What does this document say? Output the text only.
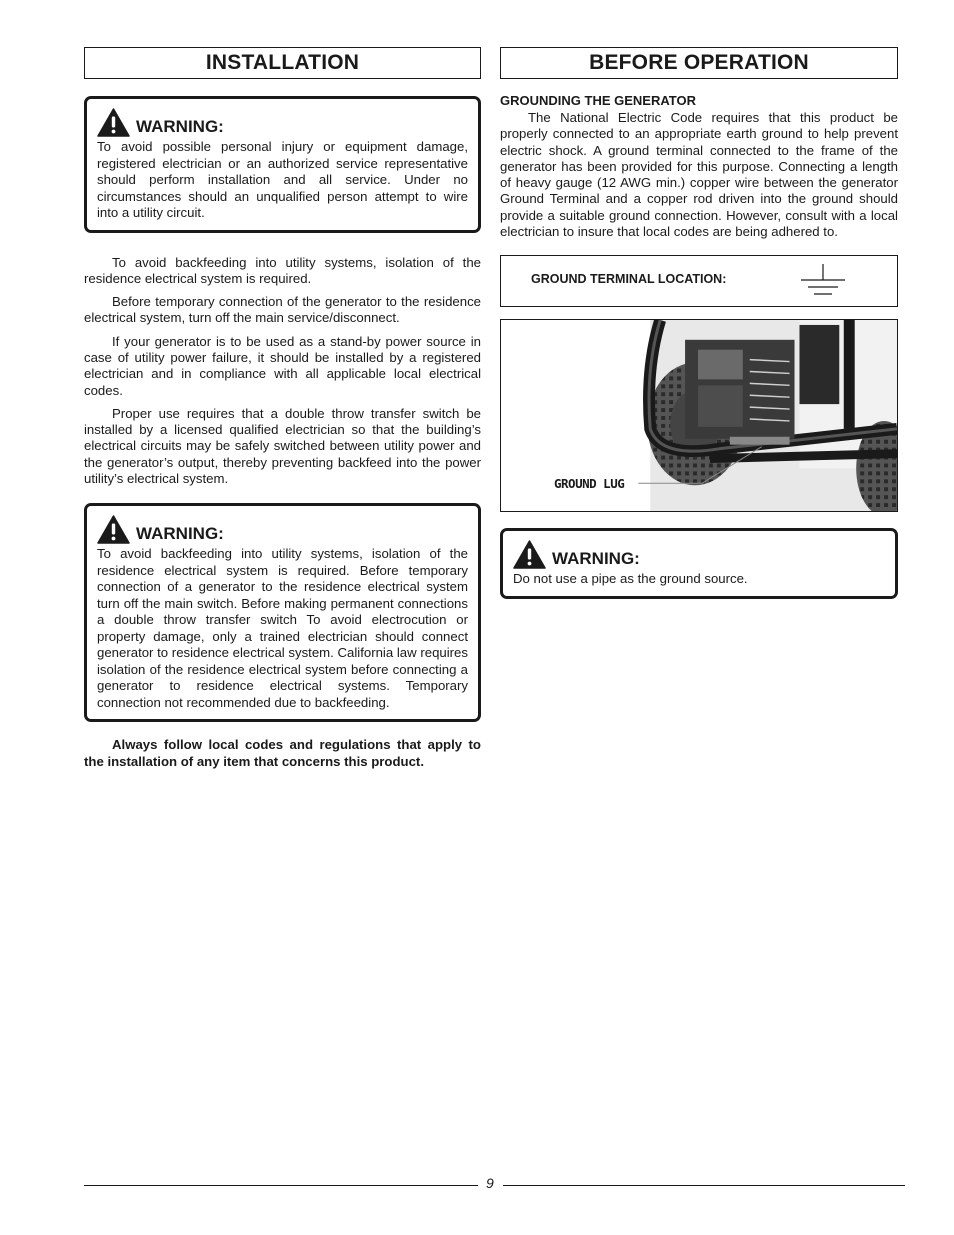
INSTALLATION
WARNING:

To avoid possible personal injury or equipment damage, registered electrician or an authorized service representative should perform installation and all service. Under no circumstances should an unqualified person attempt to wire into a utility circuit.

To avoid backfeeding into utility systems, isolation of the residence electrical system is required.

Before temporary connection of the generator to the residence electrical system, turn off the main service/disconnect.

If your generator is to be used as a stand-by power source in case of utility power failure, it should be installed by a registered electrician and in compliance with all applicable local electrical codes.

Proper use requires that a double throw transfer switch be installed by a licensed qualified electrician so that the building’s electrical circuits may be safely switched between utility power and the generator’s output, thereby preventing backfeed into the power utility’s electrical system.

WARNING:

To avoid backfeeding into utility systems, isolation of the residence electrical system is required. Before temporary connection of a generator to the residence electrical system turn off the main switch. Before making permanent connections a double throw transfer switch To avoid electrocution or property damage, only a trained electrician should connect generator to residence electrical system. California law requires isolation of the residence electrical system before connecting a generator to residence electrical systems. Temporary connection not recommended due to backfeeding.

Always follow local codes and regulations that apply to the installation of any item that concerns this product.

BEFORE OPERATION
GROUNDING THE GENERATOR

The National Electric Code requires that this product be properly connected to an appropriate earth ground to help prevent electric shock. A ground terminal connected to the frame of the generator has been provided for this purpose. Connecting a length of heavy gauge (12 AWG min.) copper wire between the generator Ground Terminal and a copper rod driven into the ground should provide a suitable ground connection. However, consult with a local electrician to insure that local codes are being adhered to.

GROUND TERMINAL LOCATION:
GROUND LUG
WARNING:

Do not use a pipe as the ground source.

9
